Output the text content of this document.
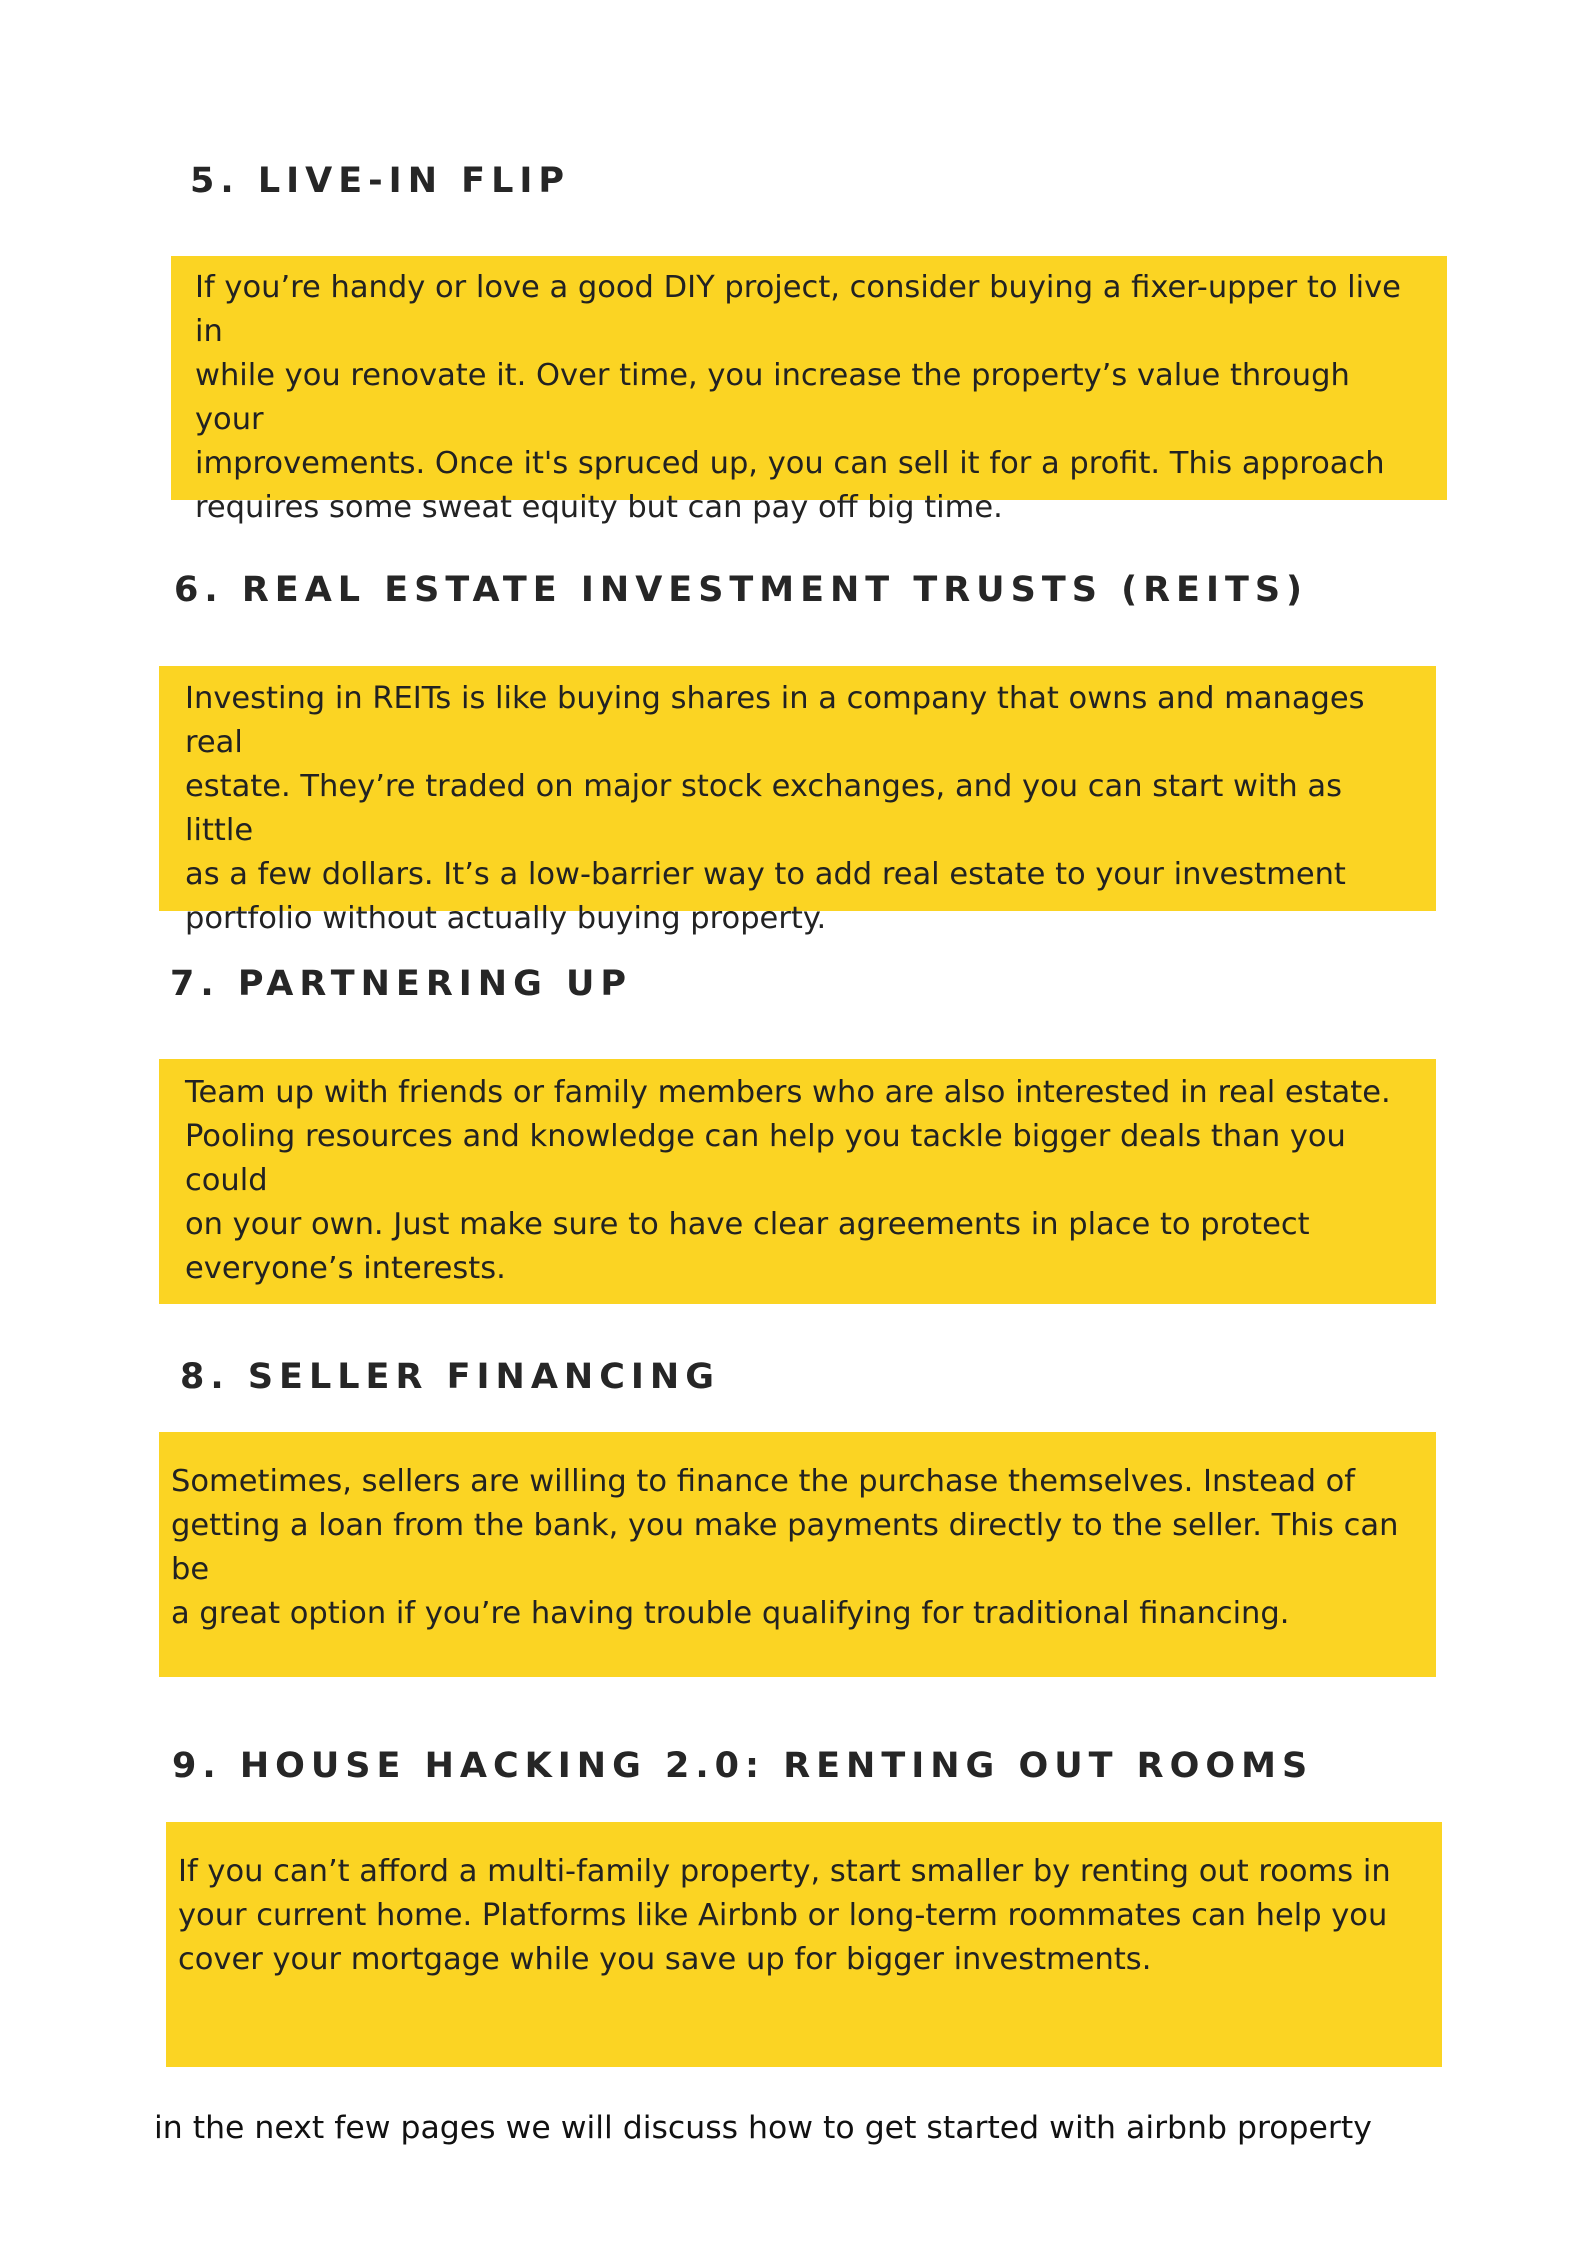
5. LIVE-IN FLIP

If you’re handy or love a good DIY project, consider buying a fixer-upper to live in

while you renovate it. Over time, you increase the property’s value through your

improvements. Once it's spruced up, you can sell it for a profit. This approach

requires some sweat equity but can pay off big time.

6. REAL ESTATE INVESTMENT TRUSTS (REITS)

Investing in REITs is like buying shares in a company that owns and manages real

estate. They’re traded on major stock exchanges, and you can start with as little

as a few dollars. It’s a low-barrier way to add real estate to your investment

portfolio without actually buying property.

7. PARTNERING UP

Team up with friends or family members who are also interested in real estate.

Pooling resources and knowledge can help you tackle bigger deals than you could

on your own. Just make sure to have clear agreements in place to protect

everyone’s interests.

8. SELLER FINANCING

Sometimes, sellers are willing to finance the purchase themselves. Instead of

getting a loan from the bank, you make payments directly to the seller. This can be

a great option if you’re having trouble qualifying for traditional financing.

9. HOUSE HACKING 2.0: RENTING OUT ROOMS

If you can’t afford a multi-family property, start smaller by renting out rooms in

your current home. Platforms like Airbnb or long-term roommates can help you

cover your mortgage while you save up for bigger investments.

in the next few pages we will discuss how to get started with airbnb property
